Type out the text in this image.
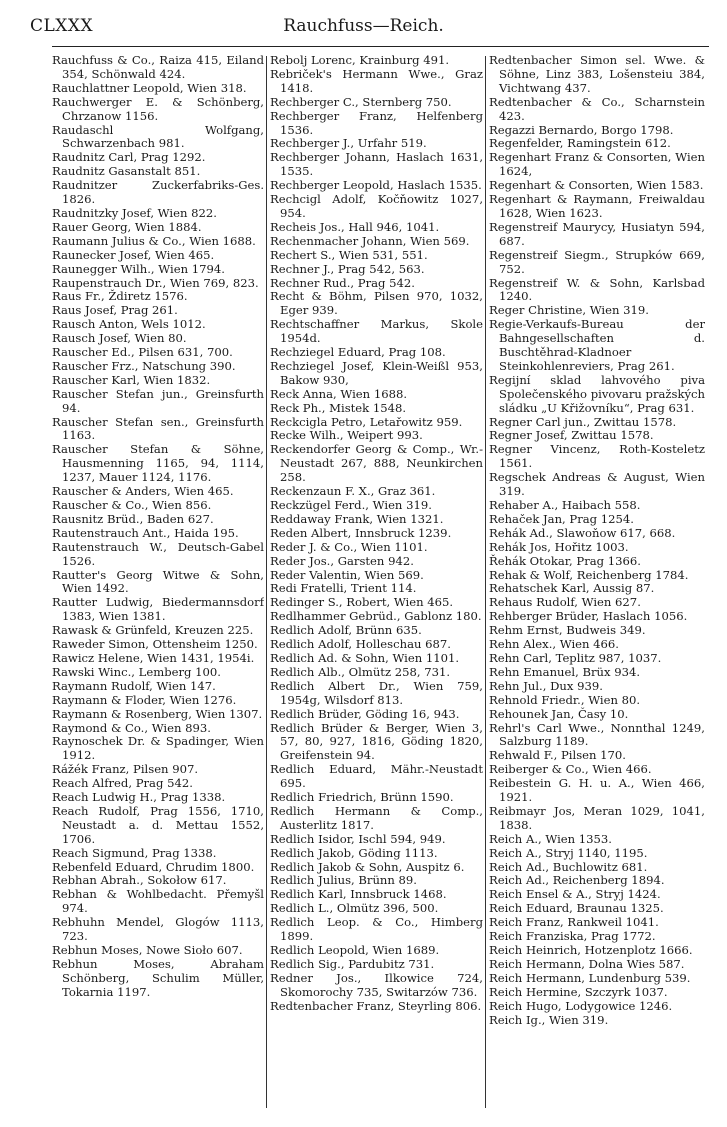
CLXXX	Rauchfuss—Reich.

Rauchfuss & Co., Raiza 415, Eiland 354, Schönwald 424.

Rauchlattner Leopold, Wien 318.

Rauchwerger E. & Schönberg, Chrzanow 1156.

Raudaschl Wolfgang, Schwarzenbach 981.

Raudnitz Carl, Prag 1292.

Raudnitz Gasanstalt 851.

Raudnitzer Zuckerfabriks-Ges. 1826.

Raudnitzky Josef, Wien 822.

Rauer Georg, Wien 1884.

Raumann Julius & Co., Wien 1688.

Raunecker Josef, Wien 465.

Raunegger Wilh., Wien 1794.

Raupenstrauch Dr., Wien 769, 823.

Raus Fr., Ždiretz 1576.

Raus Josef, Prag 261.

Rausch Anton, Wels 1012.

Rausch Josef, Wien 80.

Rauscher Ed., Pilsen 631, 700.

Rauscher Frz., Natschung 390.

Rauscher Karl, Wien 1832.

Rauscher Stefan jun., Greinsfurth 94.

Rauscher Stefan sen., Greinsfurth 1163.

Rauscher Stefan & Söhne, Hausmenning 1165, 94, 1114, 1237, Mauer 1124, 1176.

Rauscher & Anders, Wien 465.

Rauscher & Co., Wien 856.

Rausnitz Brüd., Baden 627.

Rautenstrauch Ant., Haida 195.

Rautenstrauch W., Deutsch-Gabel 1526.

Rautter's Georg Witwe & Sohn, Wien 1492.

Rautter Ludwig, Biedermannsdorf 1383, Wien 1381.

Rawask & Grünfeld, Kreuzen 225.

Raweder Simon, Ottensheim 1250.

Rawicz Helene, Wien 1431, 1954i.

Rawski Winc., Lemberg 100.

Raymann Rudolf, Wien 147.

Raymann & Floder, Wien 1276.

Raymann & Rosenberg, Wien 1307.

Raymond & Co., Wien 893.

Raynoschek Dr. & Spadinger, Wien 1912.

Rážék Franz, Pilsen 907.

Reach Alfred, Prag 542.

Reach Ludwig H., Prag 1338.

Reach Rudolf, Prag 1556, 1710, Neustadt a. d. Mettau 1552, 1706.

Reach Sigmund, Prag 1338.

Rebenfeld Eduard, Chrudim 1800.

Rebhan Abrah., Sokołow 617.

Rebhan & Wohlbedacht. Přemyšl 974.

Rebhuhn Mendel, Glogów 1113, 723.

Rebhun Moses, Nowe Sioło 607.

Rebhun Moses, Abraham Schönberg, Schulim Müller, Tokarnia 1197.

Rebolj Lorenc, Krainburg 491.

Rebriček's Hermann Wwe., Graz 1418.

Rechberger C., Sternberg 750.

Rechberger Franz, Helfenberg 1536.

Rechberger J., Urfahr 519.

Rechberger Johann, Haslach 1631, 1535.

Rechberger Leopold, Haslach 1535.

Rechcigl Adolf, Kočňowitz 1027, 954.

Recheis Jos., Hall 946, 1041.

Rechenmacher Johann, Wien 569.

Rechert S., Wien 531, 551.

Rechner J., Prag 542, 563.

Rechner Rud., Prag 542.

Recht & Böhm, Pilsen 970, 1032, Eger 939.

Rechtschaffner Markus, Skole 1954d.

Rechziegel Eduard, Prag 108.

Rechziegel Josef, Klein-Weißl 953, Bakow 930,

Reck Anna, Wien 1688.

Reck Ph., Mistek 1548.

Reckcigla Petro, Letařowitz 959.

Recke Wilh., Weipert 993.

Reckendorfer Georg & Comp., Wr.-Neustadt 267, 888, Neunkirchen 258.

Reckenzaun F. X., Graz 361.

Reckzügel Ferd., Wien 319.

Reddaway Frank, Wien 1321.

Reden Albert, Innsbruck 1239.

Reder J. & Co., Wien 1101.

Reder Jos., Garsten 942.

Reder Valentin, Wien 569.

Redi Fratelli, Trient 114.

Redinger S., Robert, Wien 465.

Redlhammer Gebrüd., Gablonz 180.

Redlich Adolf, Brünn 635.

Redlich Adolf, Holleschau 687.

Redlich Ad. & Sohn, Wien 1101.

Redlich Alb., Olmütz 258, 731.

Redlich Albert Dr., Wien 759, 1954g, Wilsdorf 813.

Redlich Brüder, Göding 16, 943.

Redlich Brüder & Berger, Wien 3, 57, 80, 927, 1816, Göding 1820, Greifenstein 94.

Redlich Eduard, Mähr.-Neustadt 695.

Redlich Friedrich, Brünn 1590.

Redlich Hermann & Comp., Austerlitz 1817.

Redlich Isidor, Ischl 594, 949.

Redlich Jakob, Göding 1113.

Redlich Jakob & Sohn, Auspitz 6.

Redlich Julius, Brünn 89.

Redlich Karl, Innsbruck 1468.

Redlich L., Olmütz 396, 500.

Redlich Leop. & Co., Himberg 1899.

Redlich Leopold, Wien 1689.

Redlich Sig., Pardubitz 731.

Redner Jos., Ilkowice 724, Skomorochy 735, Switarzów 736.

Redtenbacher Franz, Steyrling 806.

Redtenbacher Simon sel. Wwe. & Söhne, Linz 383, Lošensteiu 384, Vichtwang 437.

Redtenbacher & Co., Scharnstein 423.

Regazzi Bernardo, Borgo 1798.

Regenfelder, Ramingstein 612.

Regenhart Franz & Consorten, Wien 1624,

Regenhart & Consorten, Wien 1583.

Regenhart & Raymann, Freiwaldau 1628, Wien 1623.

Regenstreif Maurycy, Husiatyn 594, 687.

Regenstreif Siegm., Strupków 669, 752.

Regenstreif W. & Sohn, Karlsbad 1240.

Reger Christine, Wien 319.

Regie-Verkaufs-Bureau der Bahngesellschaften d. Buschtěhrad-Kladnoer Steinkohlenreviers, Prag 261.

Regijní sklad lahvového piva Společenského pivovaru pražských sládku „U Křižovníku“, Prag 631.

Regner Carl jun., Zwittau 1578.

Regner Josef, Zwittau 1578.

Regner Vincenz, Roth-Kosteletz 1561.

Regschek Andreas & August, Wien 319.

Rehaber A., Haibach 558.

Rehaček Jan, Prag 1254.

Rehák Ad., Slawoňow 617, 668.

Rehák Jos, Hořitz 1003.

Řehák Otokar, Prag 1366.

Rehak & Wolf, Reichenberg 1784.

Rehatschek Karl, Aussig 87.

Rehaus Rudolf, Wien 627.

Rehberger Brüder, Haslach 1056.

Rehm Ernst, Budweis 349.

Rehn Alex., Wien 466.

Rehn Carl, Teplitz 987, 1037.

Rehn Emanuel, Brüx 934.

Rehn Jul., Dux 939.

Rehnold Friedr., Wien 80.

Rehounek Jan, Časy 10.

Rehrl's Carl Wwe., Nonnthal 1249, Salzburg 1189.

Rehwald F., Pilsen 170.

Reiberger & Co., Wien 466.

Reibestein G. H. u. A., Wien 466, 1921.

Reibmayr Jos, Meran 1029, 1041, 1838.

Reich A., Wien 1353.

Reich A., Stryj 1140, 1195.

Reich Ad., Buchlowitz 681.

Reich Ad., Reichenberg 1894.

Reich Ensel & A., Stryj 1424.

Reich Eduard, Braunau 1325.

Reich Franz, Rankweil 1041.

Reich Franziska, Prag 1772.

Reich Heinrich, Hotzenplotz 1666.

Reich Hermann, Dolna Wies 587.

Reich Hermann, Lundenburg 539.

Reich Hermine, Szczyrk 1037.

Reich Hugo, Lodygowice 1246.

Reich Ig., Wien 319.
